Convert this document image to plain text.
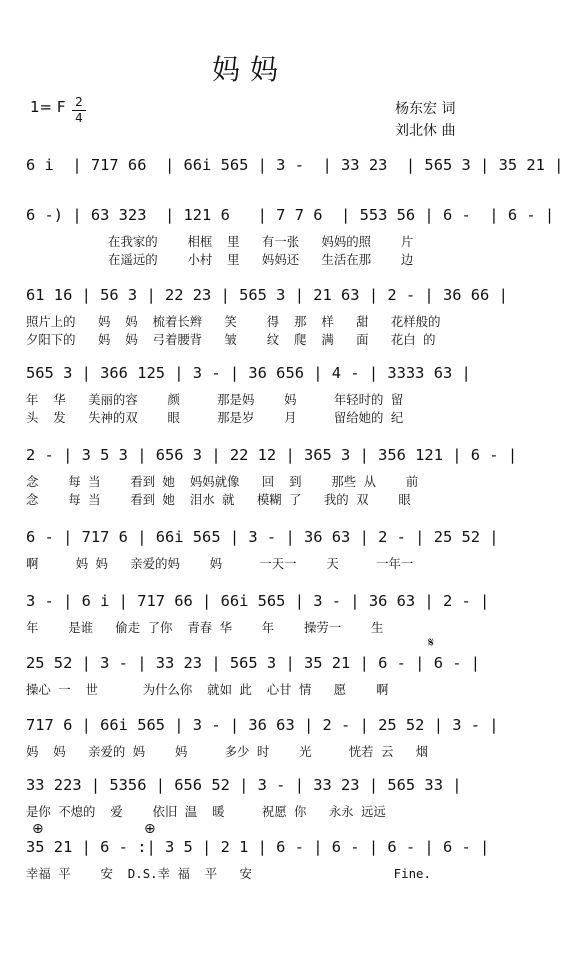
妈妈
1= F 2
4
杨东宏 词
刘北休 曲
6 i  | 717 66  | 66i 565 | 3 -  | 33 23  | 565 3 | 35 21 |
6 -) | 63 323  | 121 6   | 7 7 6  | 553 56 | 6 -  | 6 - |
在我家的    相框  里   有一张   妈妈的照    片
在遥远的    小村  里   妈妈还   生活在那    边
61 16 | 56 3 | 22 23 | 565 3 | 21 63 | 2 - | 36 66 |
照片上的   妈  妈  梳着长辫   笑    得  那  样   甜   花样般的
夕阳下的   妈  妈  弓着腰背   皱    纹  爬  满   面   花白 的
565 3 | 366 125 | 3 - | 36 656 | 4 - | 3333 63 |
年  华   美丽的容    颜     那是妈    妈     年轻时的 留
头  发   失神的双    眼     那是岁    月     留给她的 纪
2 - | 3 5 3 | 656 3 | 22 12 | 365 3 | 356 121 | 6 - |
念    每 当    看到 她  妈妈就像   回  到    那些 从    前
念    每 当    看到 她  泪水 就   模糊 了   我的 双    眼
6 - | 717 6 | 66i 565 | 3 - | 36 63 | 2 - | 25 52 |
啊     妈 妈   亲爱的妈    妈     一天一    天     一年一
3 - | 6 i | 717 66 | 66i 565 | 3 - | 36 63 | 2 - |
年    是谁   偷走 了你  青春 华    年    操劳一    生
𝄋
25 52 | 3 - | 33 23 | 565 3 | 35 21 | 6 - | 6 - |
操心 一  世      为什么你  就如 此  心甘 情   愿    啊
717 6 | 66i 565 | 3 - | 36 63 | 2 - | 25 52 | 3 - |
妈  妈   亲爱的 妈    妈     多少 时    光     恍若 云   烟
33 223 | 5356 | 656 52 | 3 - | 33 23 | 565 33 |
是你 不熄的  爱    依旧 温  暖     祝愿 你   永永 远远
⊕	⊕
35 21 | 6 - :| 3 5 | 2 1 | 6 - | 6 - | 6 - | 6 - |
幸福 平    安  D.S.幸 福  平   安                   Fine.
